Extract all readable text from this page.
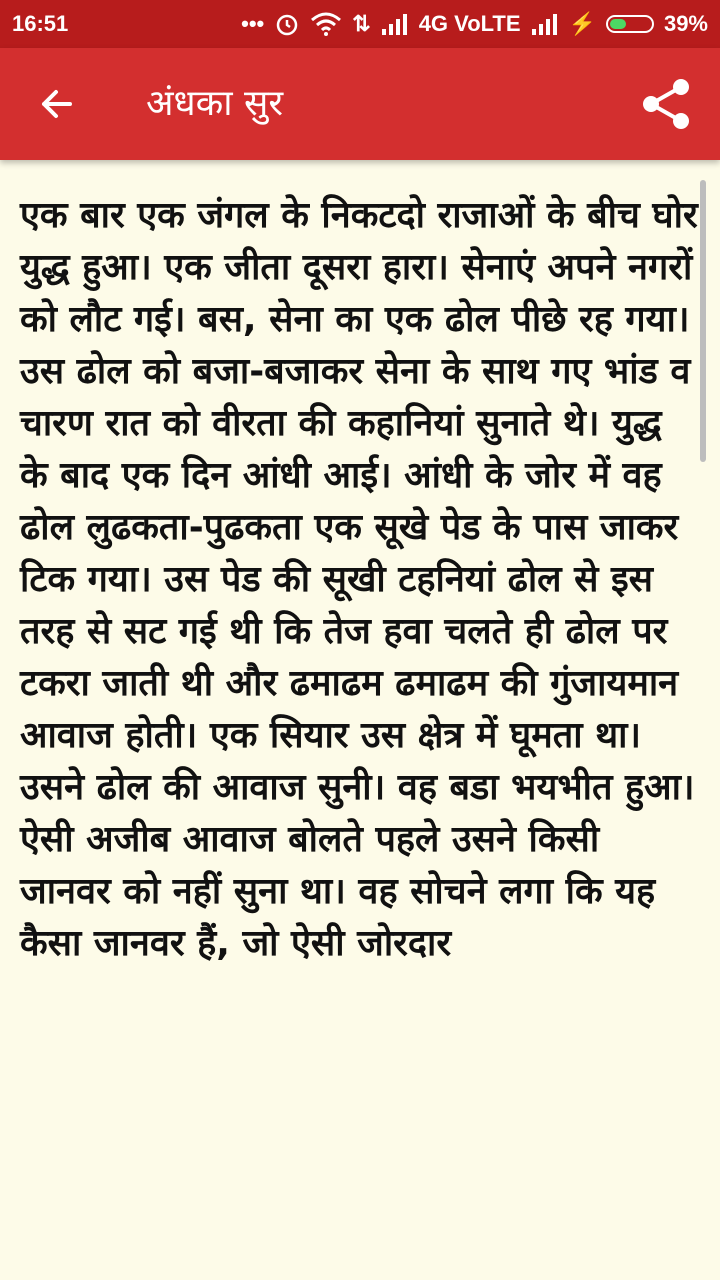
16:51	•••	⇅ 4G VoLTE ⚡	39%
अंधका सुर

एक बार एक जंगल के निकटदो राजाओं के बीच घोर युद्ध हुआ। एक जीता दूसरा हारा। सेनाएं अपने नगरों को लौट गई। बस, सेना का एक ढोल पीछे रह गया। उस ढोल को बजा-बजाकर सेना के साथ गए भांड व चारण रात को वीरता की कहानियां सुनाते थे। युद्ध के बाद एक दिन आंधी आई। आंधी के जोर में वह ढोल लुढकता-पुढकता एक सूखे पेड के पास जाकर टिक गया। उस पेड की सूखी टहनियां ढोल से इस तरह से सट गई थी कि तेज हवा चलते ही ढोल पर टकरा जाती थी और ढमाढम ढमाढम की गुंजायमान आवाज होती। एक सियार उस क्षेत्र में घूमता था। उसने ढोल की आवाज सुनी। वह बडा भयभीत हुआ। ऐसी अजीब आवाज बोलते पहले उसने किसी जानवर को नहीं सुना था। वह सोचने लगा कि यह कैसा जानवर हैं, जो ऐसी जोरदार
